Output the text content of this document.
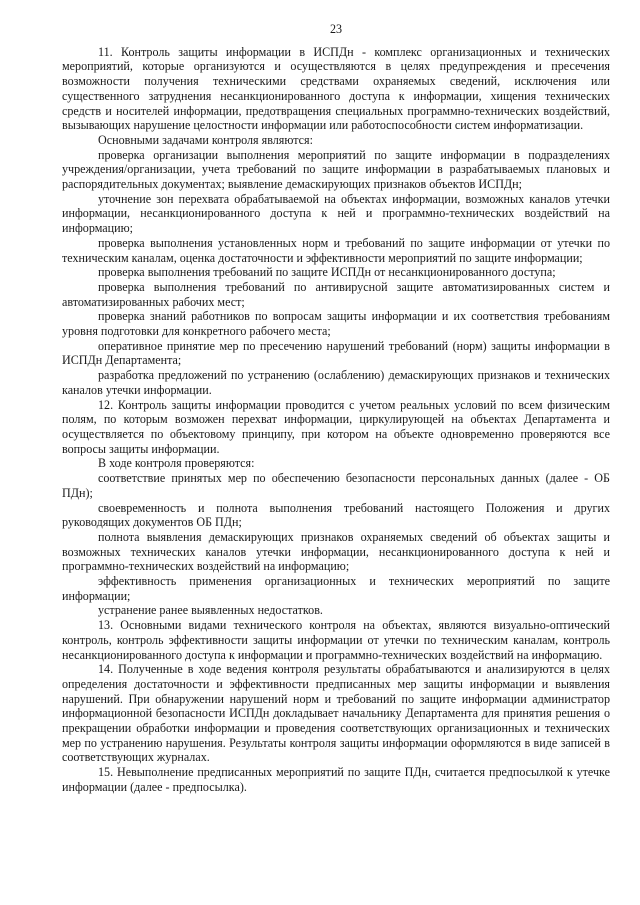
23

11. Контроль защиты информации в ИСПДн - комплекс организационных и технических мероприятий, которые организуются и осуществляются в целях предупреждения и пресечения возможности получения техническими средствами охраняемых сведений, исключения или существенного затруднения несанкционированного доступа к информации, хищения технических средств и носителей информации, предотвращения специальных программно-технических воздействий, вызывающих нарушение целостности информации или работоспособности систем информатизации.

Основными задачами контроля являются:

проверка организации выполнения мероприятий по защите информации в подразделениях учреждения/организации, учета требований по защите информации в разрабатываемых плановых и распорядительных документах; выявление демаскирующих признаков объектов ИСПДн;

уточнение зон перехвата обрабатываемой на объектах информации, возможных каналов утечки информации, несанкционированного доступа к ней и программно-технических воздействий на информацию;

проверка выполнения установленных норм и требований по защите информации от утечки по техническим каналам, оценка достаточности и эффективности мероприятий по защите информации;

проверка выполнения требований по защите ИСПДн от несанкционированного доступа;

проверка выполнения требований по антивирусной защите автоматизированных систем и автоматизированных рабочих мест;

проверка знаний работников по вопросам защиты информации и их соответствия требованиям уровня подготовки для конкретного рабочего места;

оперативное принятие мер по пресечению нарушений требований (норм) защиты информации в ИСПДн Департамента;

разработка предложений по устранению (ослаблению) демаскирующих признаков и технических каналов утечки информации.

12. Контроль защиты информации проводится с учетом реальных условий по всем физическим полям, по которым возможен перехват информации, циркулирующей на объектах Департамента и осуществляется по объектовому принципу, при котором на объекте одновременно проверяются все вопросы защиты информации.

В ходе контроля проверяются:

соответствие принятых мер по обеспечению безопасности персональных данных (далее - ОБ ПДн);

своевременность и полнота выполнения требований настоящего Положения и других руководящих документов ОБ ПДн;

полнота выявления демаскирующих признаков охраняемых сведений об объектах защиты и возможных технических каналов утечки информации, несанкционированного доступа к ней и программно-технических воздействий на информацию;

эффективность применения организационных и технических мероприятий по защите информации;

устранение ранее выявленных недостатков.

13. Основными видами технического контроля на объектах, являются визуально-оптический контроль, контроль эффективности защиты информации от утечки по техническим каналам, контроль несанкционированного доступа к информации и программно-технических воздействий на информацию.

14. Полученные в ходе ведения контроля результаты обрабатываются и анализируются в целях определения достаточности и эффективности предписанных мер защиты информации и выявления нарушений. При обнаружении нарушений норм и требований по защите информации администратор информационной безопасности ИСПДн докладывает начальнику Департамента для принятия решения о прекращении обработки информации и проведения соответствующих организационных и технических мер по устранению нарушения. Результаты контроля защиты информации оформляются в виде записей в соответствующих журналах.

15. Невыполнение предписанных мероприятий по защите ПДн, считается предпосылкой к утечке информации (далее - предпосылка).
